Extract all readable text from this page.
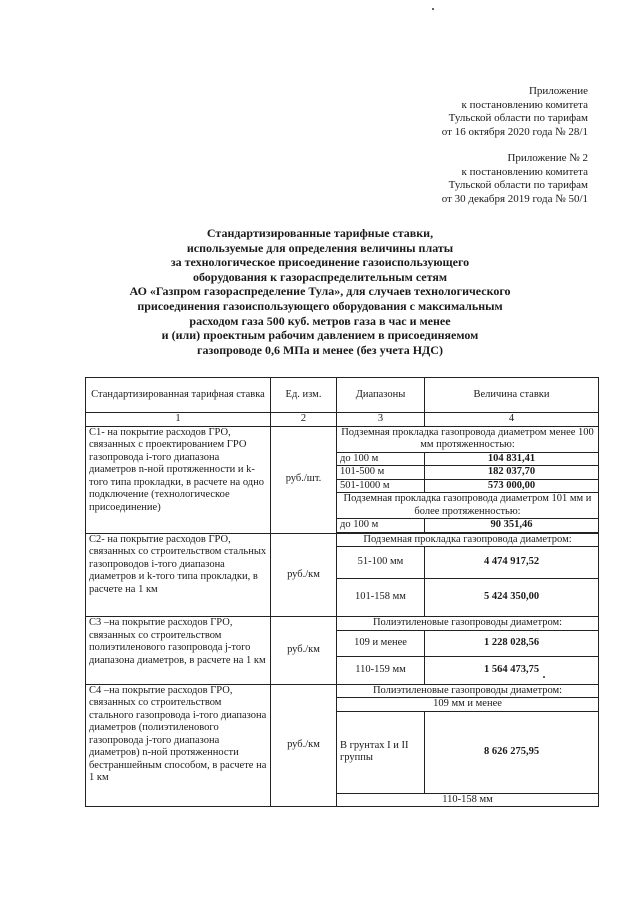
Приложение
к постановлению комитета
Тульской области по тарифам
от 16 октября 2020 года № 28/1
Приложение № 2
к постановлению комитета
Тульской области по тарифам
от 30 декабря 2019 года № 50/1
Стандартизированные тарифные ставки,
используемые для определения величины платы
за технологическое присоединение газоиспользующего
оборудования к газораспределительным сетям
АО «Газпром газораспределение Тула», для случаев технологического
присоединения газоиспользующего оборудования с максимальным
расходом газа 500 куб. метров газа в час и менее
и (или) проектным рабочим давлением в присоединяемом
газопроводе 0,6 МПа и менее (без учета НДС)
Стандартизированная тарифная ставка	Ед. изм.	Диапазоны	Величина ставки
1	2	3	4
С1- на покрытие расходов ГРО, связанных с проектированием ГРО газопровода i-того диапазона диаметров n-ной протяженности и k-того типа прокладки, в расчете на одно подключение (технологическое присоединение)	руб./шт.	Подземная прокладка газопровода диаметром менее 100 мм протяженностью:	
		до 100 м	104 831,41
		101-500 м	182 037,70
		501-1000 м	573 000,00
		Подземная прокладка газопровода диаметром 101 мм и более протяженностью:	
		до 100 м	90 351,46

С2- на покрытие расходов ГРО, связанных со строительством стальных газопроводов i-того диапазона диаметров и k-того типа прокладки, в расчете на 1 км	руб./км	Подземная прокладка газопровода диаметром:	
		51-100 мм	4 474 917,52
		101-158 мм	5 424 350,00
С3 –на покрытие расходов ГРО, связанных со строительством полиэтиленового газопровода j-того диапазона диаметров, в расчете на 1 км	руб./км	Полиэтиленовые газопроводы диаметром:	
		109 и менее	1 228 028,56
		110-159 мм	1 564 473,75
С4 –на покрытие расходов ГРО, связанных со строительством стального газопровода i-того диапазона диаметров (полиэтиленового газопровода j-того диапазона диаметров) n-ной протяженности бестраншейным способом, в расчете на 1 км	руб./км	Полиэтиленовые газопроводы диаметром:	
		109 мм и менее	
		В грунтах I и II группы	8 626 275,95
		110-158 мм	
